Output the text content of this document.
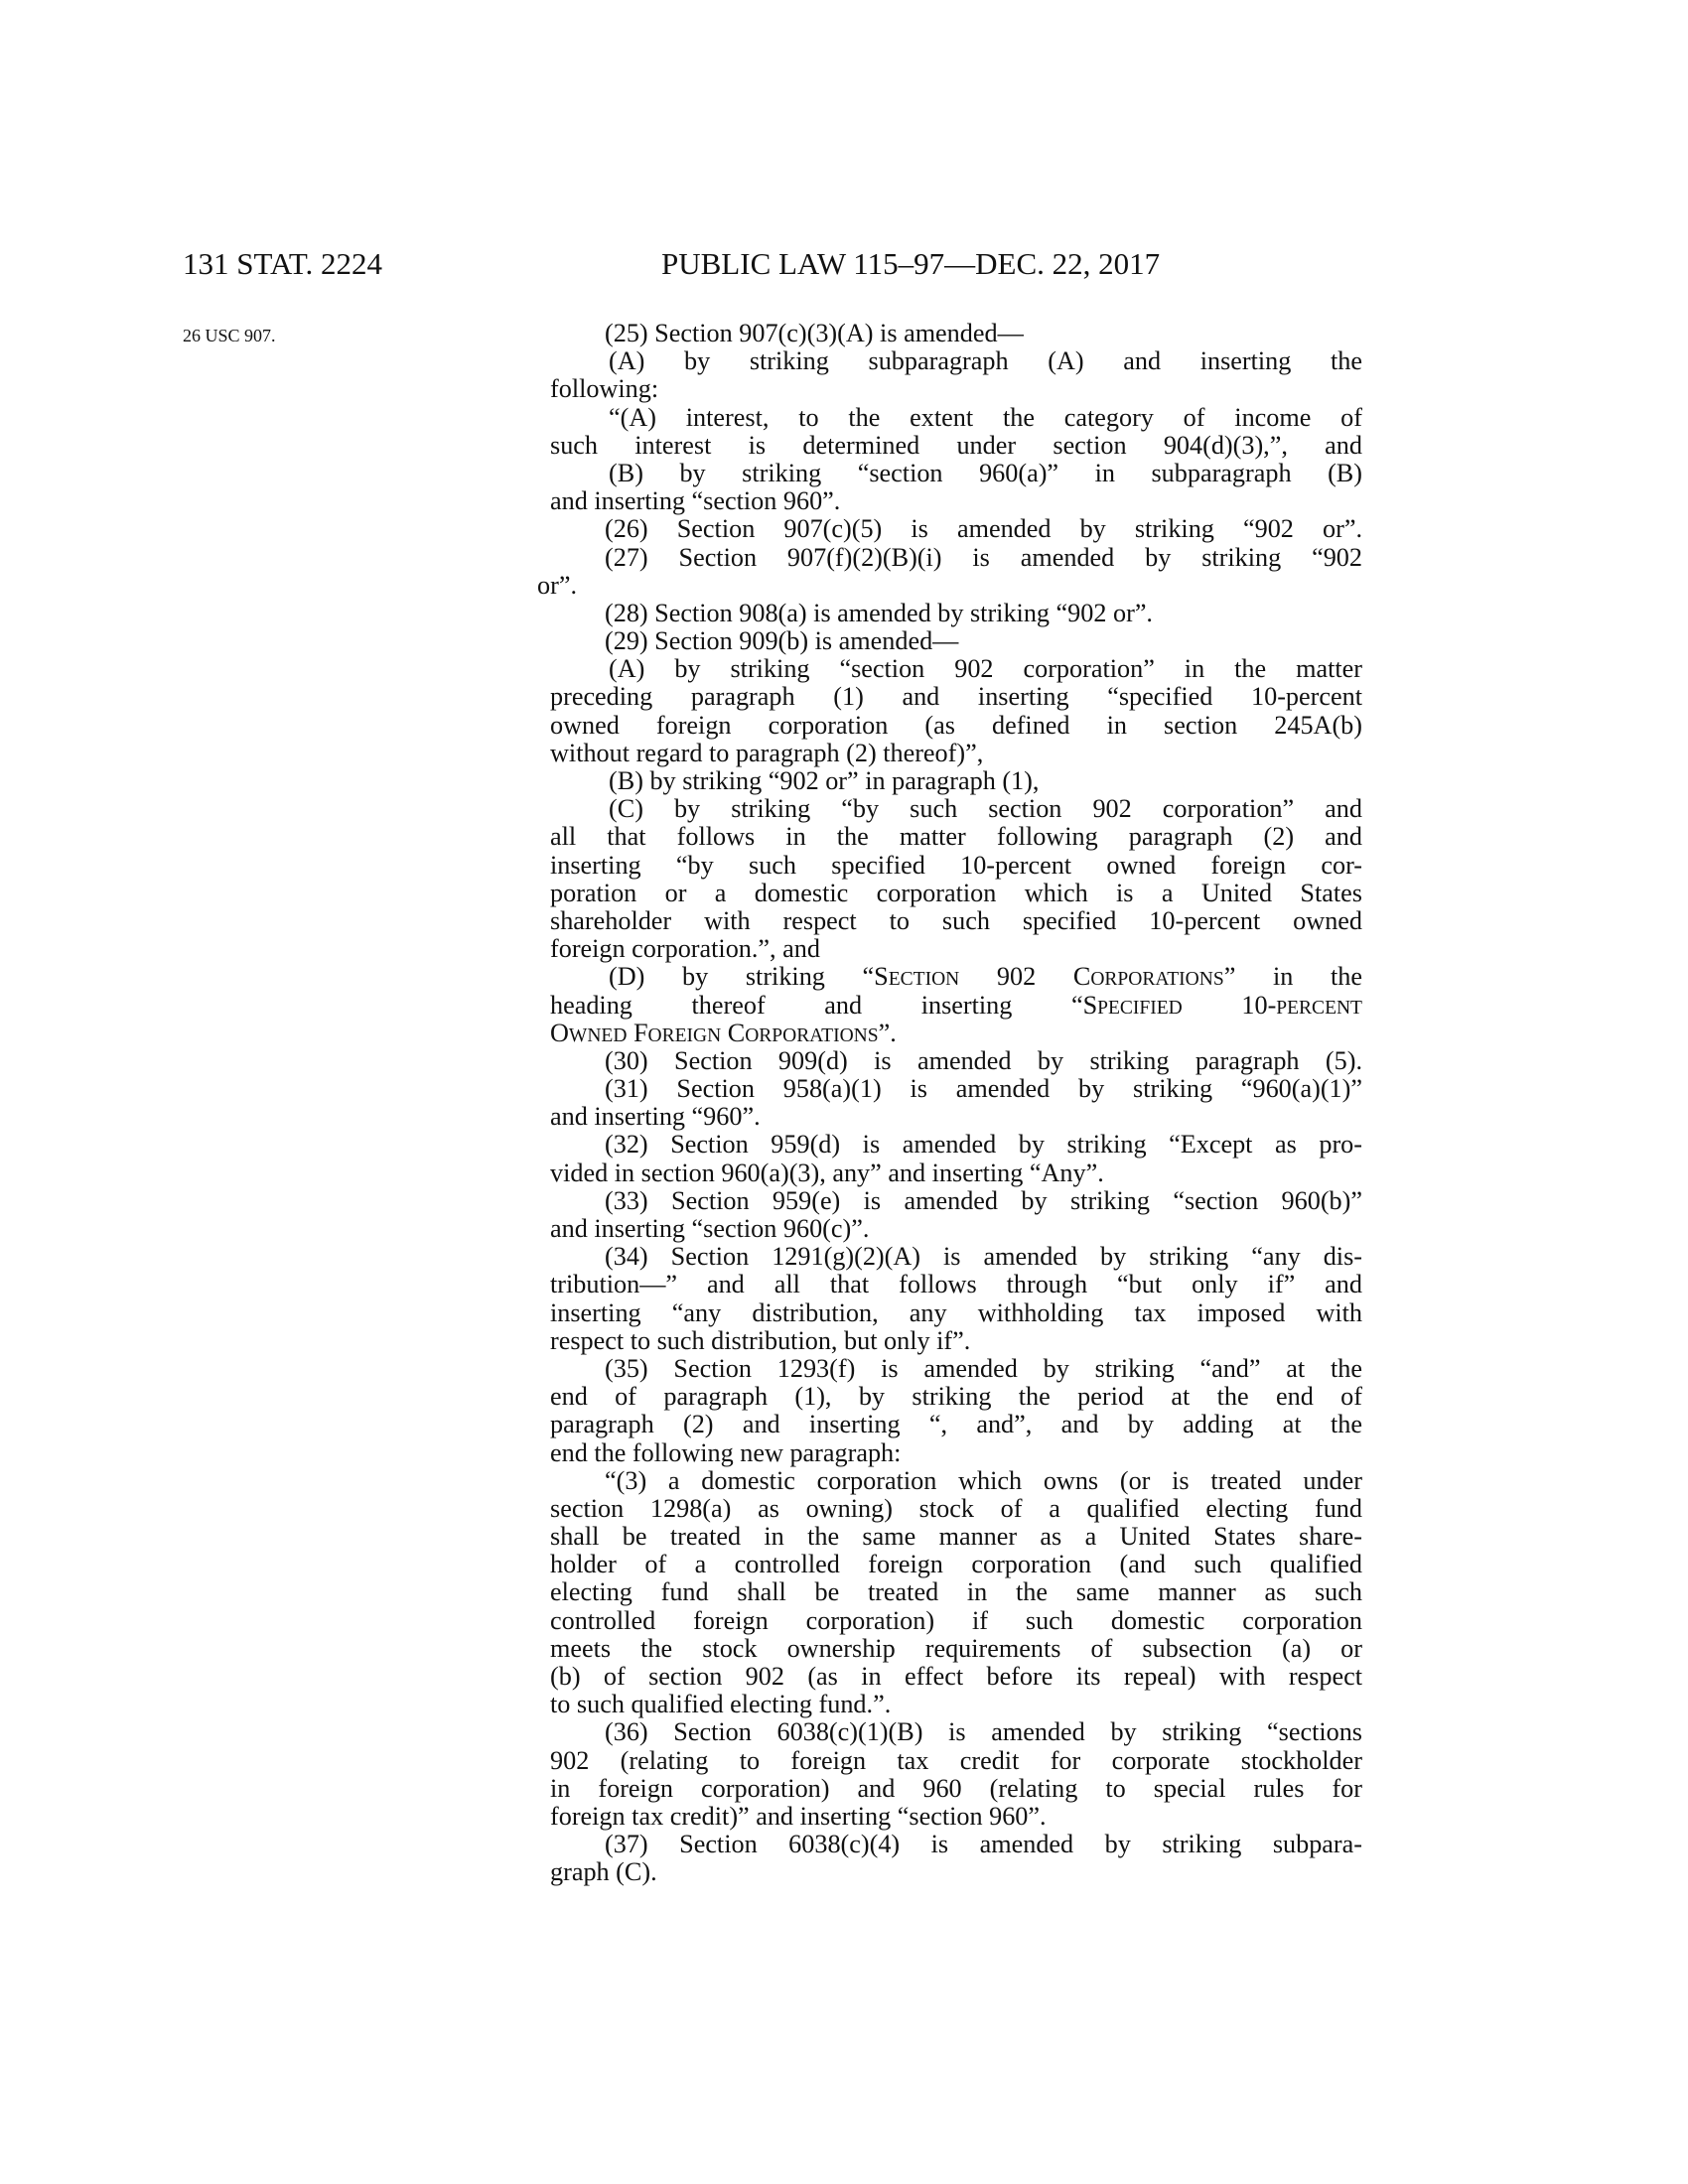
131 STAT. 2224	PUBLIC LAW 115–97—DEC. 22, 2017
26 USC 907.	(25) Section 907(c)(3)(A) is amended—
(A) by striking subparagraph (A) and inserting the
following:
“(A) interest, to the extent the category of income of
such interest is determined under section 904(d)(3),”, and
(B) by striking “section 960(a)” in subparagraph (B)
and inserting “section 960”.
(26) Section 907(c)(5) is amended by striking “902 or”.
(27) Section 907(f)(2)(B)(i) is amended by striking “902
or”.
(28) Section 908(a) is amended by striking “902 or”.
(29) Section 909(b) is amended—
(A) by striking “section 902 corporation” in the matter
preceding paragraph (1) and inserting “specified 10-percent
owned foreign corporation (as defined in section 245A(b)
without regard to paragraph (2) thereof)”,
(B) by striking “902 or” in paragraph (1),
(C) by striking “by such section 902 corporation” and
all that follows in the matter following paragraph (2) and
inserting “by such specified 10-percent owned foreign cor-
poration or a domestic corporation which is a United States
shareholder with respect to such specified 10-percent owned
foreign corporation.”, and
(D) by striking “SECTION 902 CORPORATIONS” in the
heading thereof and inserting “SPECIFIED 10-PERCENT
OWNED FOREIGN CORPORATIONS”.
(30) Section 909(d) is amended by striking paragraph (5).
(31) Section 958(a)(1) is amended by striking “960(a)(1)”
and inserting “960”.
(32) Section 959(d) is amended by striking “Except as pro-
vided in section 960(a)(3), any” and inserting “Any”.
(33) Section 959(e) is amended by striking “section 960(b)”
and inserting “section 960(c)”.
(34) Section 1291(g)(2)(A) is amended by striking “any dis-
tribution—” and all that follows through “but only if” and
inserting “any distribution, any withholding tax imposed with
respect to such distribution, but only if”.
(35) Section 1293(f) is amended by striking “and” at the
end of paragraph (1), by striking the period at the end of
paragraph (2) and inserting “, and”, and by adding at the
end the following new paragraph:
“(3) a domestic corporation which owns (or is treated under
section 1298(a) as owning) stock of a qualified electing fund
shall be treated in the same manner as a United States share-
holder of a controlled foreign corporation (and such qualified
electing fund shall be treated in the same manner as such
controlled foreign corporation) if such domestic corporation
meets the stock ownership requirements of subsection (a) or
(b) of section 902 (as in effect before its repeal) with respect
to such qualified electing fund.”.
(36) Section 6038(c)(1)(B) is amended by striking “sections
902 (relating to foreign tax credit for corporate stockholder
in foreign corporation) and 960 (relating to special rules for
foreign tax credit)” and inserting “section 960”.
(37) Section 6038(c)(4) is amended by striking subpara-
graph (C).
